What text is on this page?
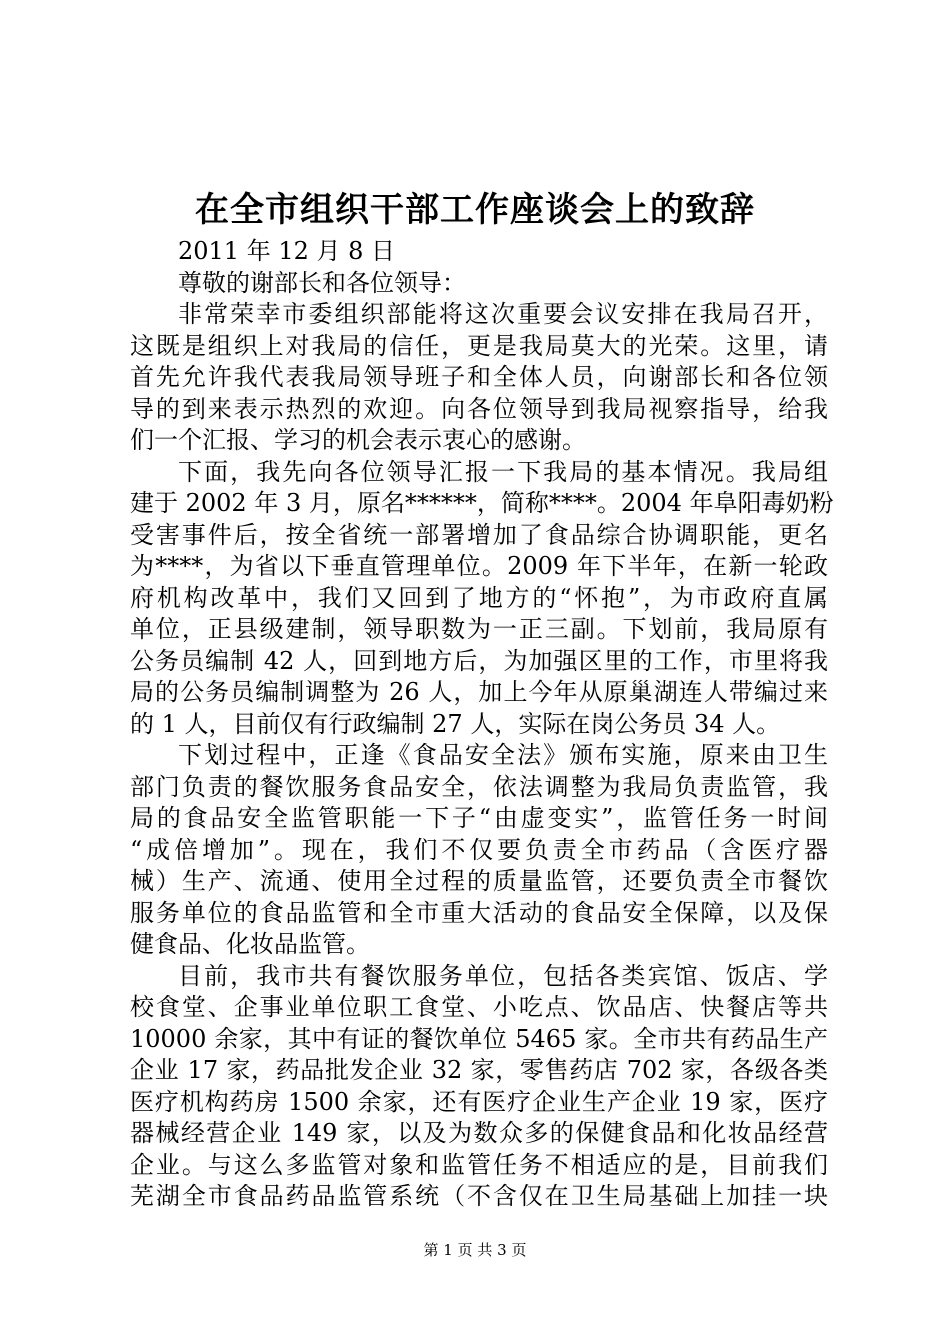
在全市组织干部工作座谈会上的致辞
2011 年 12 月 8 日
尊敬的谢部长和各位领导：
非常荣幸市委组织部能将这次重要会议安排在我局召开，
这既是组织上对我局的信任，更是我局莫大的光荣。这里，请
首先允许我代表我局领导班子和全体人员，向谢部长和各位领
导的到来表示热烈的欢迎。向各位领导到我局视察指导，给我
们一个汇报、学习的机会表示衷心的感谢。
下面，我先向各位领导汇报一下我局的基本情况。我局组
建于 2002 年 3 月，原名******，简称****。2004 年阜阳毒奶粉
受害事件后，按全省统一部署增加了食品综合协调职能，更名
为****，为省以下垂直管理单位。2009 年下半年，在新一轮政
府机构改革中，我们又回到了地方的“怀抱”，为市政府直属
单位，正县级建制，领导职数为一正三副。下划前，我局原有
公务员编制 42 人，回到地方后，为加强区里的工作，市里将我
局的公务员编制调整为 26 人，加上今年从原巢湖连人带编过来
的 1 人，目前仅有行政编制 27 人，实际在岗公务员 34 人。
下划过程中，正逢《食品安全法》颁布实施，原来由卫生
部门负责的餐饮服务食品安全，依法调整为我局负责监管，我
局的食品安全监管职能一下子“由虚变实”，监管任务一时间
“成倍增加”。现在，我们不仅要负责全市药品（含医疗器
械）生产、流通、使用全过程的质量监管，还要负责全市餐饮
服务单位的食品监管和全市重大活动的食品安全保障，以及保
健食品、化妆品监管。
目前，我市共有餐饮服务单位，包括各类宾馆、饭店、学
校食堂、企事业单位职工食堂、小吃点、饮品店、快餐店等共
10000 余家，其中有证的餐饮单位 5465 家。全市共有药品生产
企业 17 家，药品批发企业 32 家，零售药店 702 家，各级各类
医疗机构药房 1500 余家，还有医疗企业生产企业 19 家，医疗
器械经营企业 149 家，以及为数众多的保健食品和化妆品经营
企业。与这么多监管对象和监管任务不相适应的是，目前我们
芜湖全市食品药品监管系统（不含仅在卫生局基础上加挂一块
第 1 页 共 3 页
